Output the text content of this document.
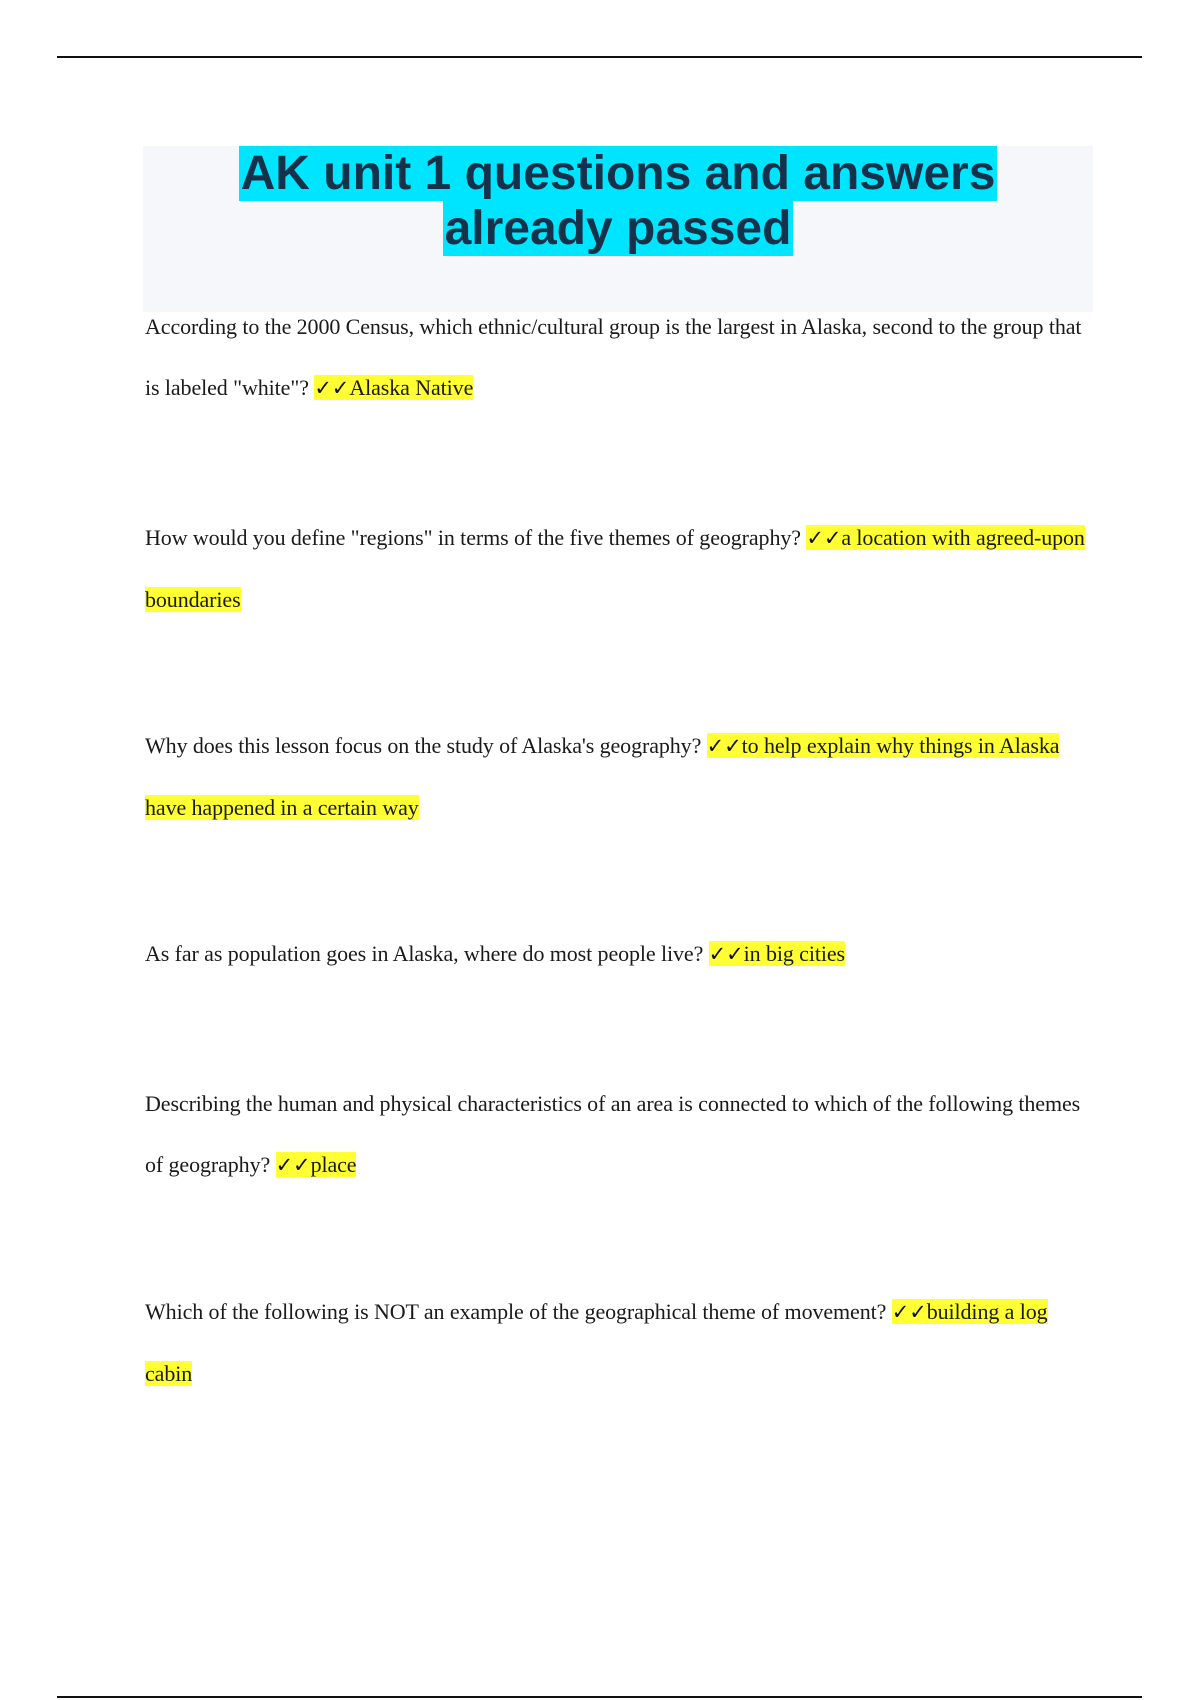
AK unit 1 questions and answers
already passed

According to the 2000 Census, which ethnic/cultural group is the largest in Alaska, second to the group that is labeled "white"? ✓✓Alaska Native

How would you define "regions" in terms of the five themes of geography? ✓✓a location with agreed-upon boundaries

Why does this lesson focus on the study of Alaska's geography? ✓✓to help explain why things in Alaska have happened in a certain way

As far as population goes in Alaska, where do most people live? ✓✓in big cities

Describing the human and physical characteristics of an area is connected to which of the following themes of geography? ✓✓place

Which of the following is NOT an example of the geographical theme of movement? ✓✓building a log cabin
